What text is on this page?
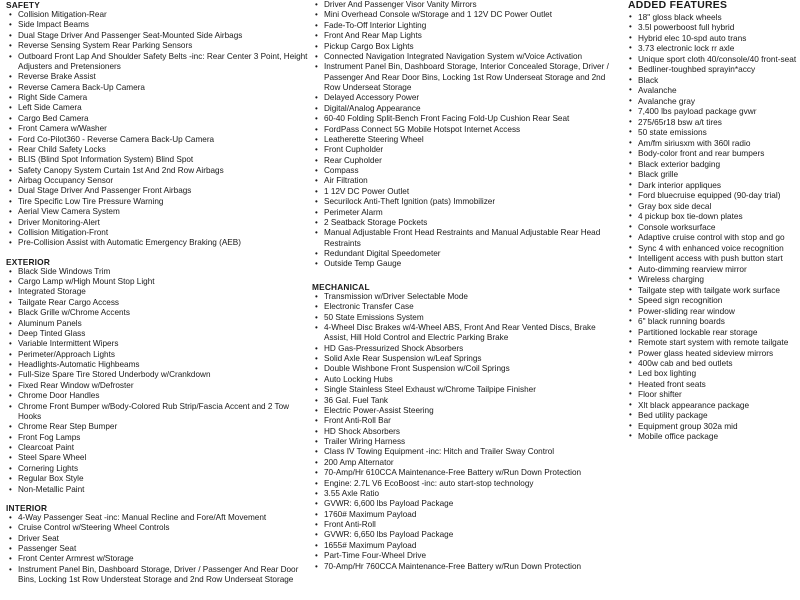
SAFETY
• Collision Mitigation-Rear
• Side Impact Beams
• Dual Stage Driver And Passenger Seat-Mounted Side Airbags
• Reverse Sensing System Rear Parking Sensors
• Outboard Front Lap And Shoulder Safety Belts -inc: Rear Center 3 Point, Height Adjusters and Pretensioners
• Reverse Brake Assist
• Reverse Camera Back-Up Camera
• Right Side Camera
• Left Side Camera
• Cargo Bed Camera
• Front Camera w/Washer
• Ford Co-Pilot360 - Reverse Camera Back-Up Camera
• Rear Child Safety Locks
• BLIS (Blind Spot Information System) Blind Spot
• Safety Canopy System Curtain 1st And 2nd Row Airbags
• Airbag Occupancy Sensor
• Dual Stage Driver And Passenger Front Airbags
• Tire Specific Low Tire Pressure Warning
• Aerial View Camera System
• Driver Monitoring-Alert
• Collision Mitigation-Front
• Pre-Collision Assist with Automatic Emergency Braking (AEB)
EXTERIOR
• Black Side Windows Trim
• Cargo Lamp w/High Mount Stop Light
• Integrated Storage
• Tailgate Rear Cargo Access
• Black Grille w/Chrome Accents
• Aluminum Panels
• Deep Tinted Glass
• Variable Intermittent Wipers
• Perimeter/Approach Lights
• Headlights-Automatic Highbeams
• Full-Size Spare Tire Stored Underbody w/Crankdown
• Fixed Rear Window w/Defroster
• Chrome Door Handles
• Chrome Front Bumper w/Body-Colored Rub Strip/Fascia Accent and 2 Tow Hooks
• Chrome Rear Step Bumper
• Front Fog Lamps
• Clearcoat Paint
• Steel Spare Wheel
• Cornering Lights
• Regular Box Style
• Non-Metallic Paint
INTERIOR
• 4-Way Passenger Seat -inc: Manual Recline and Fore/Aft Movement
• Cruise Control w/Steering Wheel Controls
• Driver Seat
• Passenger Seat
• Front Center Armrest w/Storage
• Instrument Panel Bin, Dashboard Storage, Driver / Passenger And Rear Door Bins, Locking 1st Row Understeat Storage and 2nd Row Underseat Storage
• Driver And Passenger Visor Vanity Mirrors
• Mini Overhead Console w/Storage and 1 12V DC Power Outlet
• Fade-To-Off Interior Lighting
• Front And Rear Map Lights
• Pickup Cargo Box Lights
• Connected Navigation Integrated Navigation System w/Voice Activation
• Instrument Panel Bin, Dashboard Storage, Interior Concealed Storage, Driver / Passenger And Rear Door Bins, Locking 1st Row Underseat Storage and 2nd Row Underseat Storage
• Delayed Accessory Power
• Digital/Analog Appearance
• 60-40 Folding Split-Bench Front Facing Fold-Up Cushion Rear Seat
• FordPass Connect 5G Mobile Hotspot Internet Access
• Leatherette Steering Wheel
• Front Cupholder
• Rear Cupholder
• Compass
• Air Filtration
• 1 12V DC Power Outlet
• Securilock Anti-Theft Ignition (pats) Immobilizer
• Perimeter Alarm
• 2 Seatback Storage Pockets
• Manual Adjustable Front Head Restraints and Manual Adjustable Rear Head Restraints
• Redundant Digital Speedometer
• Outside Temp Gauge
MECHANICAL
• Transmission w/Driver Selectable Mode
• Electronic Transfer Case
• 50 State Emissions System
• 4-Wheel Disc Brakes w/4-Wheel ABS, Front And Rear Vented Discs, Brake Assist, Hill Hold Control and Electric Parking Brake
• HD Gas-Pressurized Shock Absorbers
• Solid Axle Rear Suspension w/Leaf Springs
• Double Wishbone Front Suspension w/Coil Springs
• Auto Locking Hubs
• Single Stainless Steel Exhaust w/Chrome Tailpipe Finisher
• 36 Gal. Fuel Tank
• Electric Power-Assist Steering
• Front Anti-Roll Bar
• HD Shock Absorbers
• Trailer Wiring Harness
• Class IV Towing Equipment -inc: Hitch and Trailer Sway Control
• 200 Amp Alternator
• 70-Amp/Hr 610CCA Maintenance-Free Battery w/Run Down Protection
• Engine: 2.7L V6 EcoBoost -inc: auto start-stop technology
• 3.55 Axle Ratio
• GVWR: 6,600 lbs Payload Package
• 1760# Maximum Payload
• Front Anti-Roll
• GVWR: 6,650 lbs Payload Package
• 1655# Maximum Payload
• Part-Time Four-Wheel Drive
• 70-Amp/Hr 760CCA Maintenance-Free Battery w/Run Down Protection
ADDED FEATURES
• 18" gloss black wheels
• 3.5l powerboost full hybrid
• Hybrid elec 10-spd auto trans
• 3.73 electronic lock rr axle
• Unique sport cloth 40/console/40 front-seat
• Bedliner-toughbed sprayin*accy
• Black
• Avalanche
• Avalanche gray
• 7,400 lbs payload package gvwr
• 275/65r18 bsw a/t tires
• 50 state emissions
• Am/fm siriusxm with 360l radio
• Body-color front and rear bumpers
• Black exterior badging
• Black grille
• Dark interior appliques
• Ford bluecruise equipped (90-day trial)
• Gray box side decal
• 4 pickup box tie-down plates
• Console worksurface
• Adaptive cruise control with stop and go
• Sync 4 with enhanced voice recognition
• Intelligent access with push button start
• Auto-dimming rearview mirror
• Wireless charging
• Tailgate step with tailgate work surface
• Speed sign recognition
• Power-sliding rear window
• 6" black running boards
• Partitioned lockable rear storage
• Remote start system with remote tailgate
• Power glass heated sideview mirrors
• 400w cab and bed outlets
• Led box lighting
• Heated front seats
• Floor shifter
• Xlt black appearance package
• Bed utility package
• Equipment group 302a mid
• Mobile office package
